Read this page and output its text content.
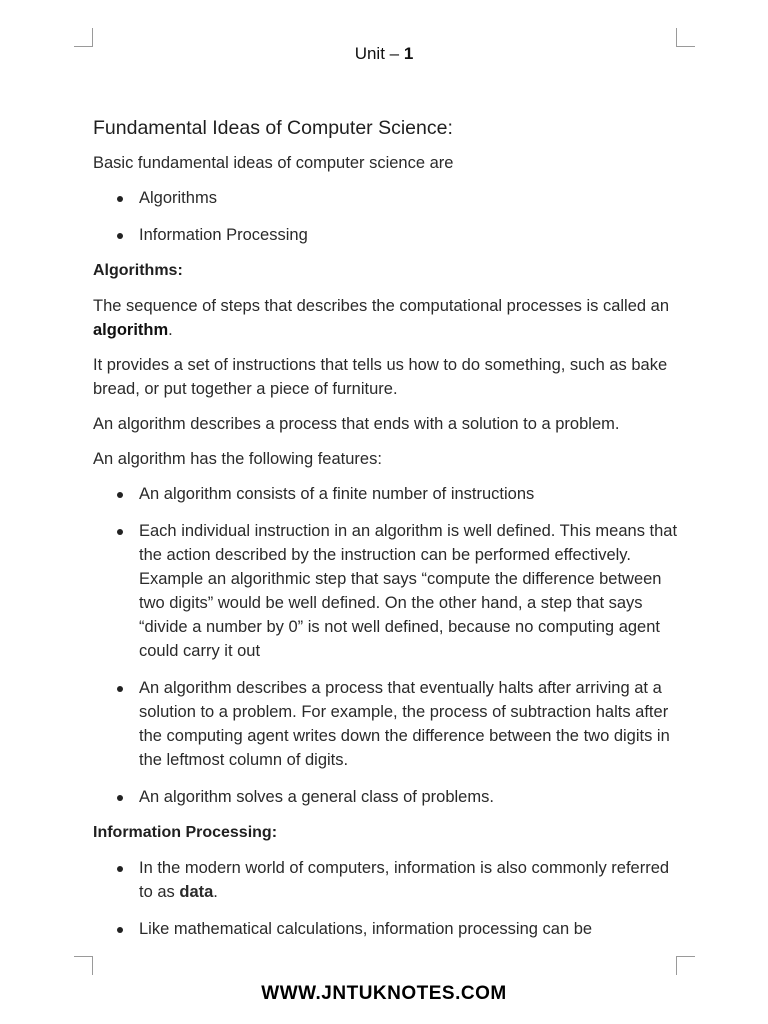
Unit – 1
Fundamental Ideas of Computer Science:
Basic fundamental ideas of computer science are
Algorithms
Information Processing
Algorithms:
The sequence of steps that describes the computational processes is called an algorithm.
It provides a set of instructions that tells us how to do something, such as bake bread, or put together a piece of furniture.
An algorithm describes a process that ends with a solution to a problem.
An algorithm has the following features:
An algorithm consists of a finite number of instructions
Each individual instruction in an algorithm is well defined. This means that the action described by the instruction can be performed effectively. Example an algorithmic step that says “compute the difference between two digits” would be well defined. On the other hand, a step that says “divide a number by 0” is not well defined, because no computing agent could carry it out
An algorithm describes a process that eventually halts after arriving at a solution to a problem. For example, the process of subtraction halts after the computing agent writes down the difference between the two digits in the leftmost column of digits.
An algorithm solves a general class of problems.
Information Processing:
In the modern world of computers, information is also commonly referred to as data.
Like mathematical calculations, information processing can be
WWW.JNTUKNOTES.COM
